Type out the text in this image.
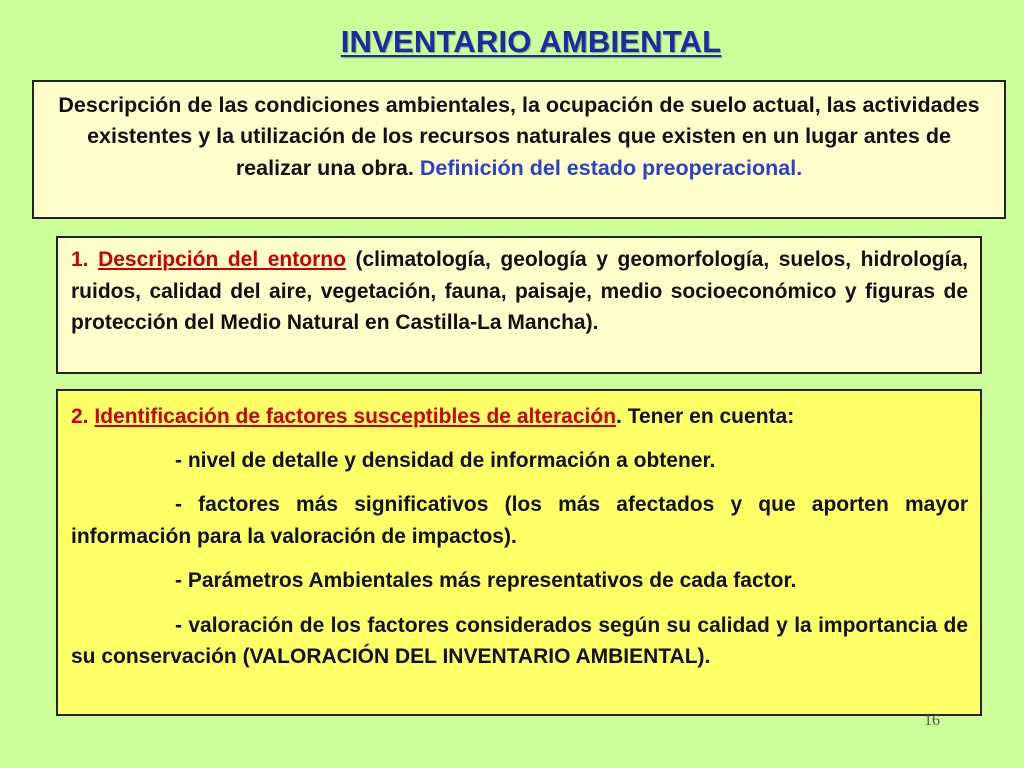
INVENTARIO AMBIENTAL
Descripción de las condiciones ambientales, la ocupación de suelo actual, las actividades existentes y la utilización de los recursos naturales que existen en un lugar antes de realizar una obra. Definición del estado preoperacional.

1. Descripción del entorno (climatología, geología y geomorfología, suelos, hidrología, ruidos, calidad del aire, vegetación, fauna, paisaje, medio socioeconómico y figuras de protección del Medio Natural en Castilla-La Mancha).

2. Identificación de factores susceptibles de alteración. Tener en cuenta:

- nivel de detalle y densidad de información a obtener.

- factores más significativos (los más afectados y que aporten mayor información para la valoración de impactos).

- Parámetros Ambientales más representativos de cada factor.

- valoración de los factores considerados según su calidad y la importancia de su conservación (VALORACIÓN DEL INVENTARIO AMBIENTAL).

16
